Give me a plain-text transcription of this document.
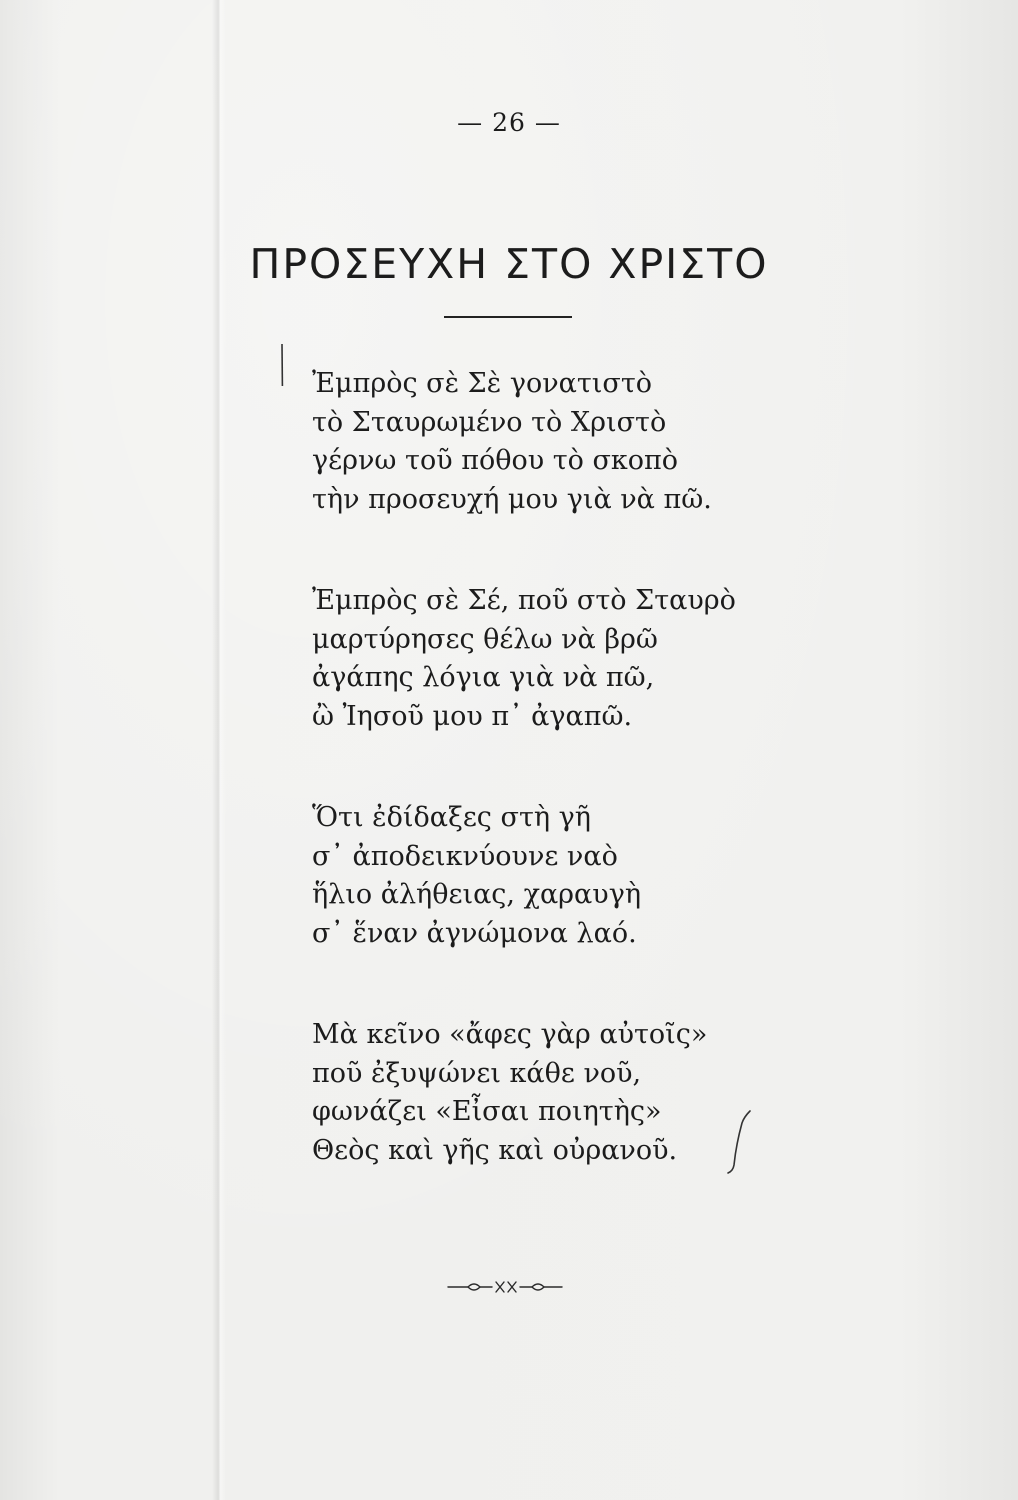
— 26 —
ΠΡΟΣΕΥΧΗ ΣΤΟ ΧΡΙΣΤΟ
Ἐμπρὸς σὲ Σὲ γονατιστὸ
τὸ Σταυρωμένο τὸ Χριστὸ
γέρνω τοῦ πόθου τὸ σκοπὸ
τὴν προσευχή μου γιὰ νὰ πῶ.
Ἐμπρὸς σὲ Σέ, ποῦ στὸ Σταυρὸ
μαρτύρησες θέλω νὰ βρῶ
ἀγάπης λόγια γιὰ νὰ πῶ,
ὢ Ἰησοῦ μου π᾿ ἀγαπῶ.
Ὅτι ἐδίδαξες στὴ γῆ
σ᾿ ἀποδεικνύουνε ναὸ
ἥλιο ἀλήθειας, χαραυγὴ
σ᾿ ἕναν ἀγνώμονα λαό.
Μὰ κεῖνο «ἄφες γὰρ αὐτοῖς»
ποῦ ἐξυψώνει κάθε νοῦ,
φωνάζει «Εἶσαι ποιητὴς»
Θεὸς καὶ γῆς καὶ οὐρανοῦ.
